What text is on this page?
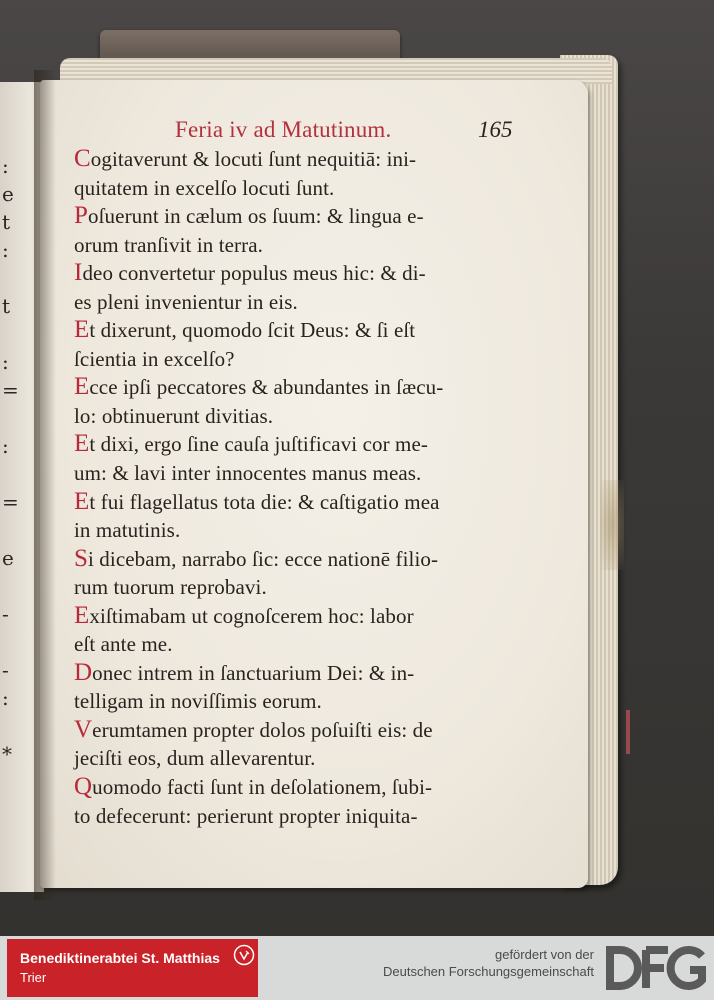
:
e
t
:
t
:
=
:
=
e
-
-
:
*
Feria iv ad Matutinum.	165
Cogitaverunt & locuti ſunt nequitiā: ini-
quitatem in excelſo locuti ſunt.
Poſuerunt in cælum os ſuum: & lingua e-
orum tranſivit in terra.
Ideo convertetur populus meus hic: & di-
es pleni invenientur in eis.
Et dixerunt, quomodo ſcit Deus: & ſi eſt
ſcientia in excelſo?
Ecce ipſi peccatores & abundantes in ſæcu-
lo: obtinuerunt divitias.
Et dixi, ergo ſine cauſa juſtificavi cor me-
um: & lavi inter innocentes manus meas.
Et fui flagellatus tota die: & caſtigatio mea
in matutinis.
Si dicebam, narrabo ſic: ecce nationē filio-
rum tuorum reprobavi.
Exiſtimabam ut cognoſcerem hoc: labor
eſt ante me.
Donec intrem in ſanctuarium Dei: & in-
telligam in noviſſimis eorum.
Verumtamen propter dolos poſuiſti eis: de
jeciſti eos, dum allevarentur.
Quomodo facti ſunt in deſolationem, ſubi-
to defecerunt: perierunt propter iniquita-
Benediktinerabtei St. Matthias
Trier
gefördert von der
Deutschen Forschungsgemeinschaft
